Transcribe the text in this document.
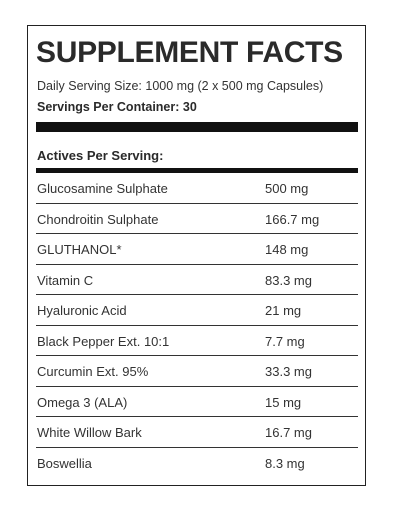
SUPPLEMENT FACTS
Daily Serving Size: 1000 mg (2 x 500 mg Capsules)
Servings Per Container: 30
Actives Per Serving:
Glucosamine Sulphate	500 mg
Chondroitin Sulphate	166.7 mg
GLUTHANOL*	148 mg
Vitamin C	83.3 mg
Hyaluronic Acid	21 mg
Black Pepper Ext. 10:1	7.7 mg
Curcumin Ext. 95%	33.3 mg
Omega 3 (ALA)	15 mg
White Willow Bark	16.7 mg
Boswellia	8.3 mg
